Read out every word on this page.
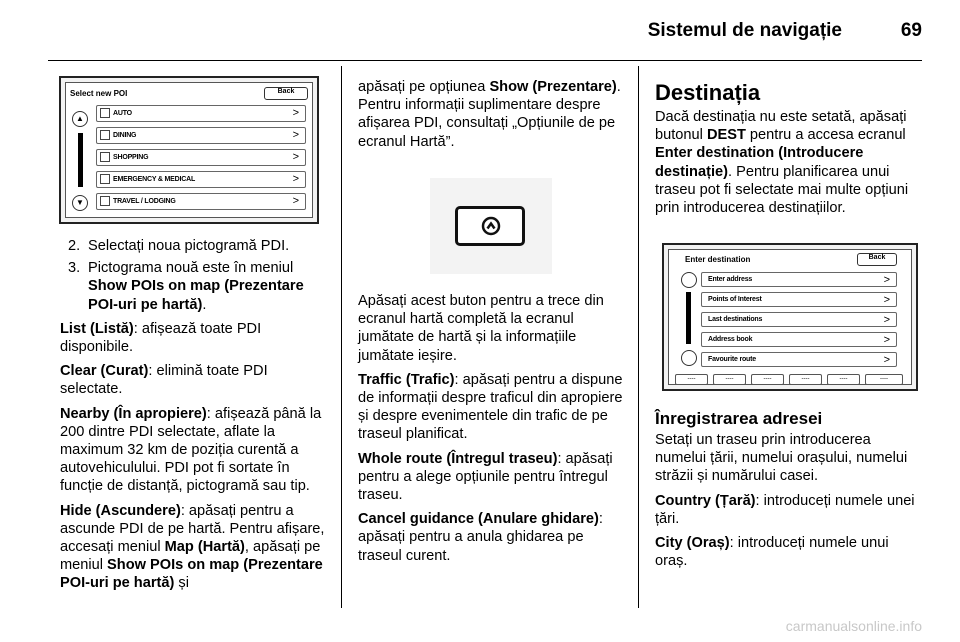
Sistemul de navigație	69
Select new POI	Back
▲
▼
AUTO	>
DINING	>
SHOPPING	>
EMERGENCY & MEDICAL	>
TRAVEL / LODGING	>
2. Selectați noua pictogramă PDI.
3. Pictograma nouă este în meniul Show POIs on map (Prezentare POI-uri pe hartă).

List (Listă): afișează toate PDI disponibile.

Clear (Curat): elimină toate PDI selectate.

Nearby (În apropiere): afișează până la 200 dintre PDI selectate, aflate la maximum 32 km de poziția curentă a autovehiculului. PDI pot fi sortate în funcție de distanță, pictogramă sau tip.

Hide (Ascundere): apăsați pentru a ascunde PDI de pe hartă. Pentru afișare, accesați meniul Map (Hartă), apăsați pe meniul Show POIs on map (Prezentare POI-uri pe hartă) și

apăsați pe opțiunea Show (Prezentare). Pentru informații suplimentare despre afișarea PDI, consultați „Opțiunile de pe ecranul Hartă”.

Apăsați acest buton pentru a trece din ecranul hartă completă la ecranul jumătate de hartă și la informațiile jumătate ieșire.

Traffic (Trafic): apăsați pentru a dispune de informații despre traficul din apropiere și despre evenimentele din trafic de pe traseul planificat.

Whole route (Întregul traseu): apăsați pentru a alege opțiunile pentru întregul traseu.

Cancel guidance (Anulare ghidare): apăsați pentru a anula ghidarea pe traseul curent.

Destinația

Dacă destinația nu este setată, apăsați butonul DEST pentru a accesa ecranul Enter destination (Introducere destinație). Pentru planificarea unui traseu pot fi selectate mai multe opțiuni prin introducerea destinațiilor.

Enter destination	Back
Enter address	>
Points of Interest	>
Last destinations	>
Address book	>
Favourite route	>
----	----	----	----	----	----
Înregistrarea adresei

Setați un traseu prin introducerea numelui țării, numelui orașului, numelui străzii și numărului casei.

Country (Țară): introduceți numele unei țări.

City (Oraș): introduceți numele unui oraș.

carmanualsonline.info
